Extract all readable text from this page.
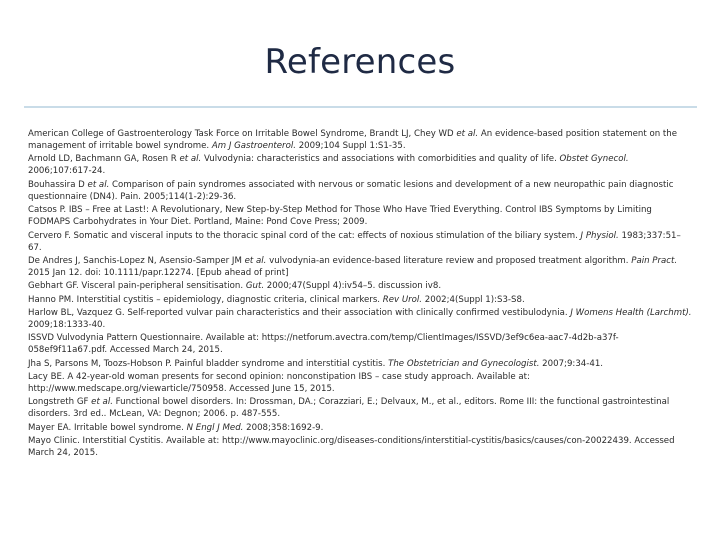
References
American College of Gastroenterology Task Force on Irritable Bowel Syndrome, Brandt LJ, Chey WD et al. An evidence-based position statement on the management of irritable bowel syndrome. Am J Gastroenterol. 2009;104 Suppl 1:S1-35.
Arnold LD, Bachmann GA, Rosen R et al. Vulvodynia: characteristics and associations with comorbidities and quality of life. Obstet Gynecol. 2006;107:617-24.
Bouhassira D et al. Comparison of pain syndromes associated with nervous or somatic lesions and development of a new neuropathic pain diagnostic questionnaire (DN4). Pain. 2005;114(1-2):29-36.
Catsos P. IBS – Free at Last!: A Revolutionary, New Step-by-Step Method for Those Who Have Tried Everything. Control IBS Symptoms by Limiting FODMAPS Carbohydrates in Your Diet. Portland, Maine: Pond Cove Press; 2009.
Cervero F. Somatic and visceral inputs to the thoracic spinal cord of the cat: effects of noxious stimulation of the biliary system. J Physiol. 1983;337:51–67.
De Andres J, Sanchis-Lopez N, Asensio-Samper JM et al. vulvodynia-an evidence-based literature review and proposed treatment algorithm. Pain Pract. 2015 Jan 12. doi: 10.1111/papr.12274. [Epub ahead of print]
Gebhart GF. Visceral pain-peripheral sensitisation. Gut. 2000;47(Suppl 4):iv54–5. discussion iv8.
Hanno PM. Interstitial cystitis – epidemiology, diagnostic criteria, clinical markers. Rev Urol. 2002;4(Suppl 1):S3-S8.
Harlow BL, Vazquez G. Self-reported vulvar pain characteristics and their association with clinically confirmed vestibulodynia. J Womens Health (Larchmt). 2009;18:1333-40.
ISSVD Vulvodynia Pattern Questionnaire. Available at: https://netforum.avectra.com/temp/ClientImages/ISSVD/3ef9c6ea-aac7-4d2b-a37f-058ef9f11a67.pdf. Accessed March 24, 2015.
Jha S, Parsons M, Toozs-Hobson P. Painful bladder syndrome and interstitial cystitis. The Obstetrician and Gynecologist. 2007;9:34-41.
Lacy BE. A 42-year-old woman presents for second opinion: nonconstipation IBS – case study approach. Available at: http://www.medscape.org/viewarticle/750958. Accessed June 15, 2015.
Longstreth GF et al. Functional bowel disorders. In: Drossman, DA.; Corazziari, E.; Delvaux, M., et al., editors. Rome III: the functional gastrointestinal disorders. 3rd ed.. McLean, VA: Degnon; 2006. p. 487-555.
Mayer EA. Irritable bowel syndrome. N Engl J Med. 2008;358:1692-9.
Mayo Clinic. Interstitial Cystitis. Available at: http://www.mayoclinic.org/diseases-conditions/interstitial-cystitis/basics/causes/con-20022439. Accessed March 24, 2015.
